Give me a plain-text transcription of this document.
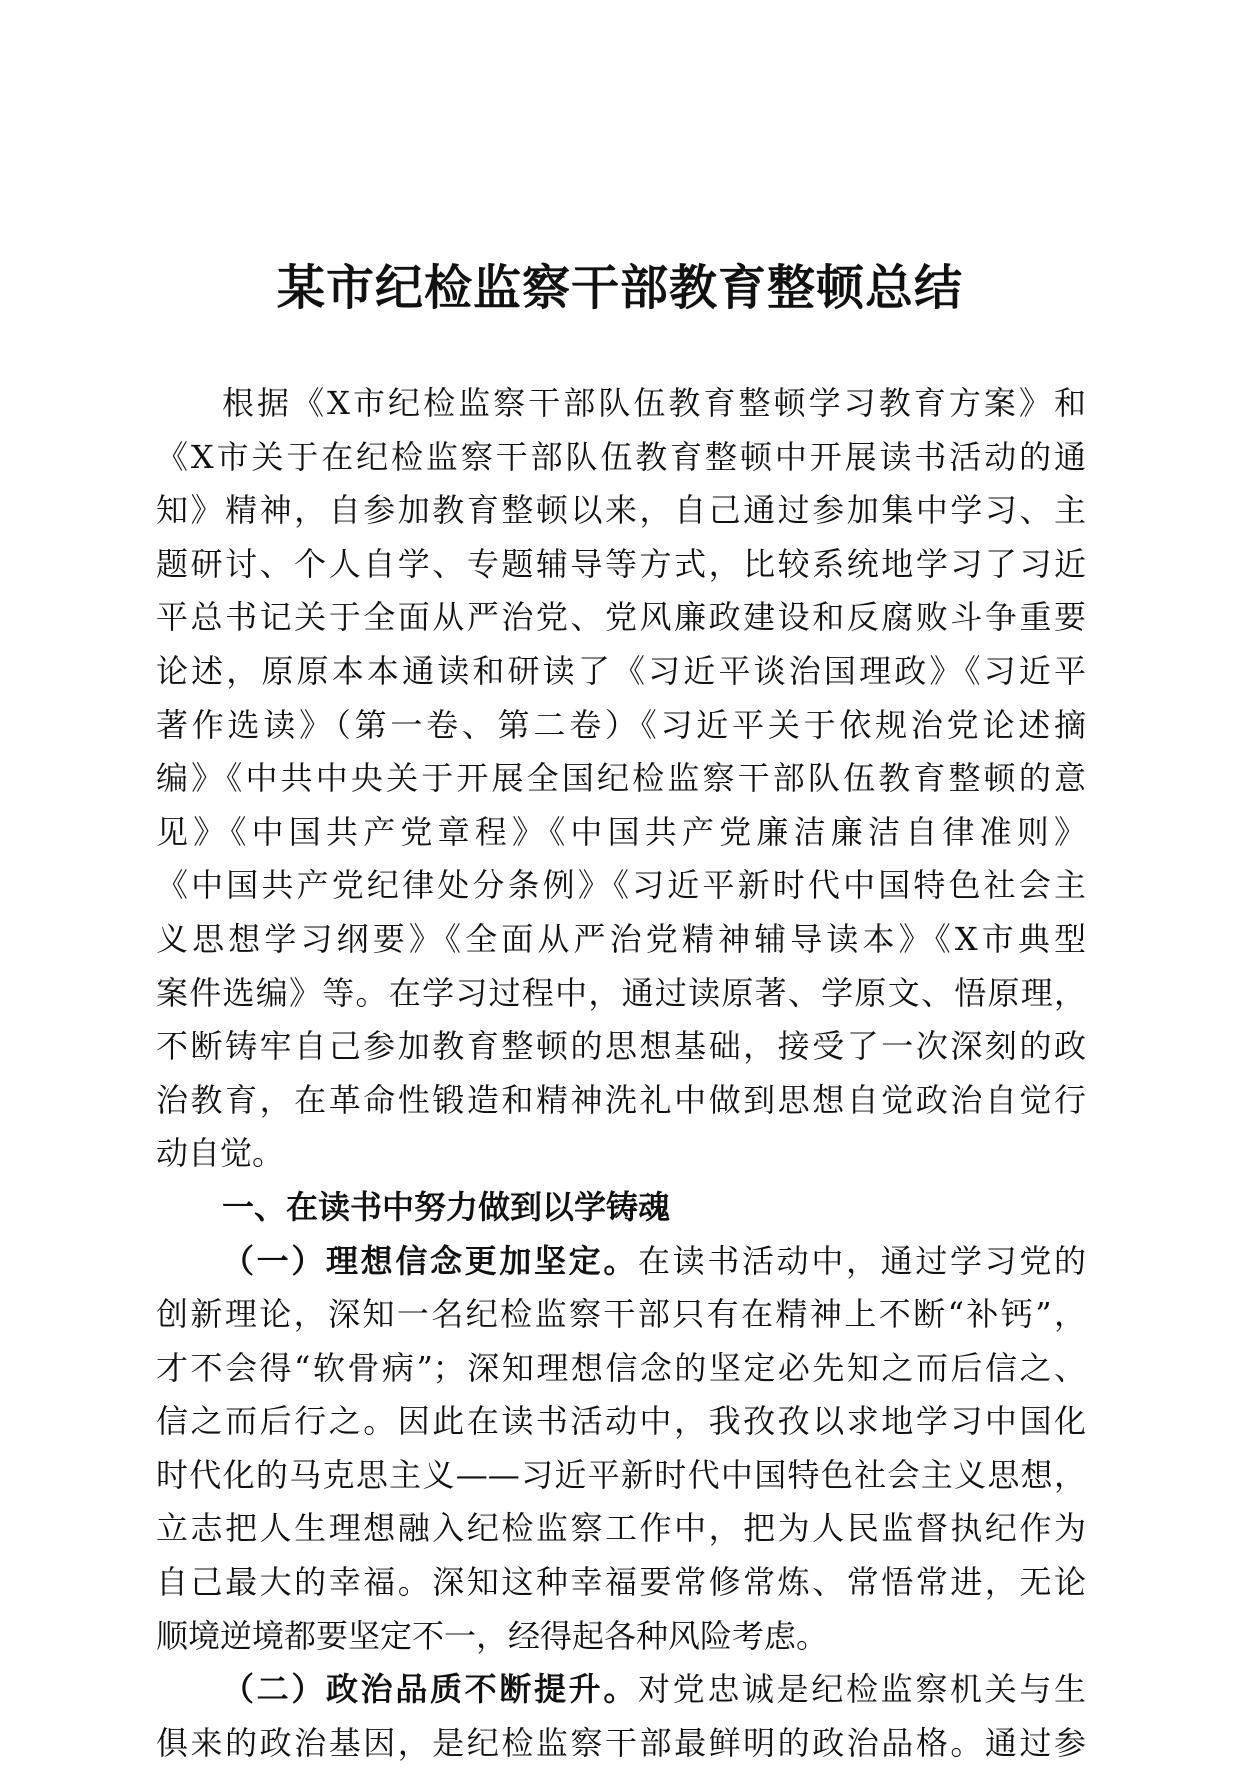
某市纪检监察干部教育整顿总结
根据《X市纪检监察干部队伍教育整顿学习教育方案》和
《X市关于在纪检监察干部队伍教育整顿中开展读书活动的通
知》精神，自参加教育整顿以来，自己通过参加集中学习、主
题研讨、个人自学、专题辅导等方式，比较系统地学习了习近
平总书记关于全面从严治党、党风廉政建设和反腐败斗争重要
论述，原原本本通读和研读了《习近平谈治国理政》《习近平
著作选读》（第一卷、第二卷）《习近平关于依规治党论述摘
编》《中共中央关于开展全国纪检监察干部队伍教育整顿的意
见》《中国共产党章程》《中国共产党廉洁廉洁自律准则》
《中国共产党纪律处分条例》《习近平新时代中国特色社会主
义思想学习纲要》《全面从严治党精神辅导读本》《X市典型
案件选编》等。在学习过程中，通过读原著、学原文、悟原理，
不断铸牢自己参加教育整顿的思想基础，接受了一次深刻的政
治教育，在革命性锻造和精神洗礼中做到思想自觉政治自觉行
动自觉。
一、在读书中努力做到以学铸魂
（一）理想信念更加坚定。在读书活动中，通过学习党的
创新理论，深知一名纪检监察干部只有在精神上不断“补钙”，
才不会得“软骨病”；深知理想信念的坚定必先知之而后信之、
信之而后行之。因此在读书活动中，我孜孜以求地学习中国化
时代化的马克思主义——习近平新时代中国特色社会主义思想，
立志把人生理想融入纪检监察工作中，把为人民监督执纪作为
自己最大的幸福。深知这种幸福要常修常炼、常悟常进，无论
顺境逆境都要坚定不一，经得起各种风险考虑。
（二）政治品质不断提升。对党忠诚是纪检监察机关与生
俱来的政治基因，是纪检监察干部最鲜明的政治品格。通过参
